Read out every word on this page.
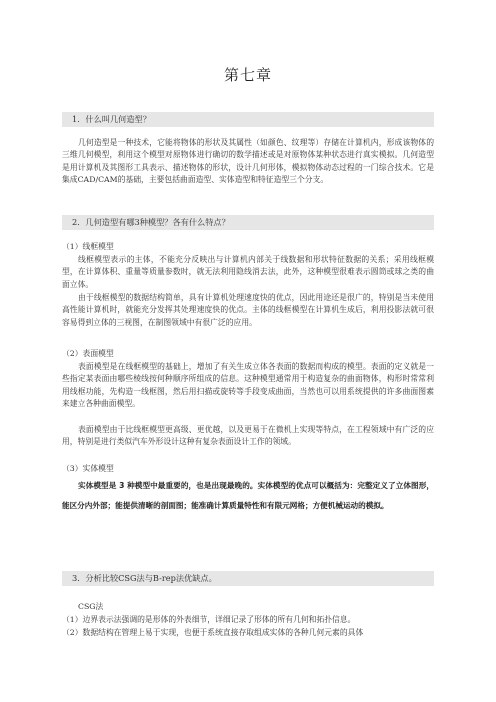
第七章
1．什么叫几何造型？
几何造型是一种技术，它能将物体的形状及其属性（如颜色、纹理等）存储在计算机内，形成该物体的三维几何模型，利用这个模型对原物体进行确切的数学描述或是对原物体某种状态进行真实模拟。几何造型是用计算机及其图形工具表示、描述物体的形状，设计几何形体，模拟物体动态过程的一门综合技术。它是集成CAD/CAM的基础，主要包括曲面造型、实体造型和特征造型三个分支。
2．几何造型有哪3种模型？各有什么特点？
（1）线框模型
线框模型表示的主体，不能充分反映出与计算机内部关于线数据和形状特征数据的关系；采用线框模型，在计算体积、重量等质量参数时，就无法利用隐线消去法，此外，这种模型很难表示圆筒或球之类的曲面立体。
由于线框模型的数据结构简单，具有计算机处理速度快的优点，因此用途还是很广的，特别是当未使用高性能计算机时，就能充分发挥其处理速度快的优点。主体的线框模型在计算机生成后，利用投影法就可很容易得到立体的三视图，在制图领域中有很广泛的应用。
（2）表面模型
表面模型是在线框模型的基础上，增加了有关生成立体各表面的数据而构成的模型。表面的定义就是一些指定某表面由哪些棱线按何种顺序所组成的信息。这种模型通常用于构造复杂的曲面物体，构形时常常利用线框功能，先构造一线框图，然后用扫描或旋转等手段变成曲面，当然也可以用系统提供的许多曲面图素来建立各种曲面模型。
表面模型由于比线框模型更高级、更优越，以及更易于在微机上实现等特点，在工程领域中有广泛的应用，特别是进行类似汽车外形设计这种有复杂表面设计工作的领域。
（3）实体模型
实体模型是 3 种模型中最重要的，也是出现最晚的。实体模型的优点可以概括为：完整定义了立体图形，能区分内外部；能提供清晰的剖面图；能准确计算质量特性和有限元网格；方便机械运动的模拟。
3．分析比较CSG法与B-rep法优缺点。
CSG法
（1）边界表示法强调的是形体的外表细节，详细记录了形体的所有几何和拓扑信息。
（2）数据结构在管理上易于实现，也便于系统直接存取组成实体的各种几何元素的具体
